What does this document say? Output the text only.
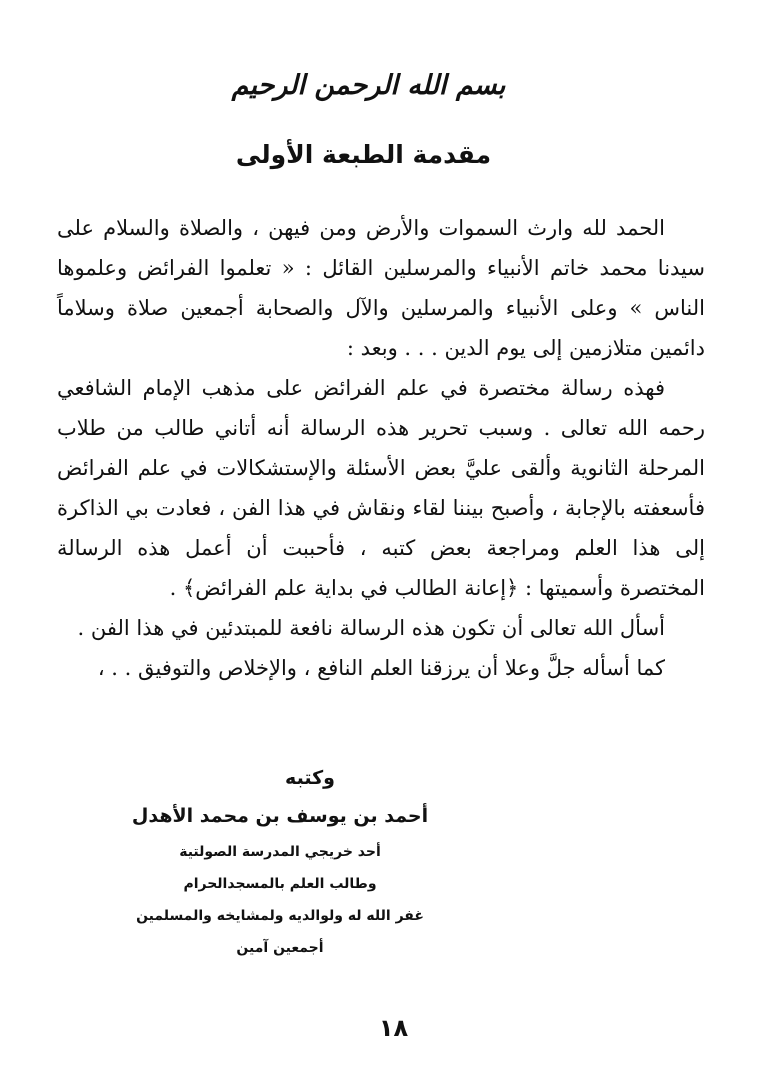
بسم الله الرحمن الرحيم
مقدمة الطبعة الأولى

الحمد لله وارث السموات والأرض ومن فيهن ، والصلاة والسلام على سيدنا محمد خاتم الأنبياء والمرسلين القائل : « تعلموا الفرائض وعلموها الناس » وعلى الأنبياء والمرسلين والآل والصحابة أجمعين صلاة وسلاماً دائمين متلازمين إلى يوم الدين . . . وبعد :

فهذه رسالة مختصرة في علم الفرائض على مذهب الإمام الشافعي رحمه الله تعالى . وسبب تحرير هذه الرسالة أنه أتاني طالب من طلاب المرحلة الثانوية وألقى عليَّ بعض الأسئلة والإستشكالات في علم الفرائض فأسعفته بالإجابة ، وأصبح بيننا لقاء ونقاش في هذا الفن ، فعادت بي الذاكرة إلى هذا العلم ومراجعة بعض كتبه ، فأحببت أن أعمل هذه الرسالة المختصرة وأسميتها : ﴿إعانة الطالب في بداية علم الفرائض﴾ .

أسأل الله تعالى أن تكون هذه الرسالة نافعة للمبتدئين في هذا الفن .

كما أسأله جلَّ وعلا أن يرزقنا العلم النافع ، والإخلاص والتوفيق . . ،

وكتبه
أحمد بن يوسف بن محمد الأهدل
أحد خريجي المدرسة الصولتية
وطالب العلم بالمسجدالحرام
غفر الله له ولوالديه ولمشايخه والمسلمين
أجمعين آمين
١٨
